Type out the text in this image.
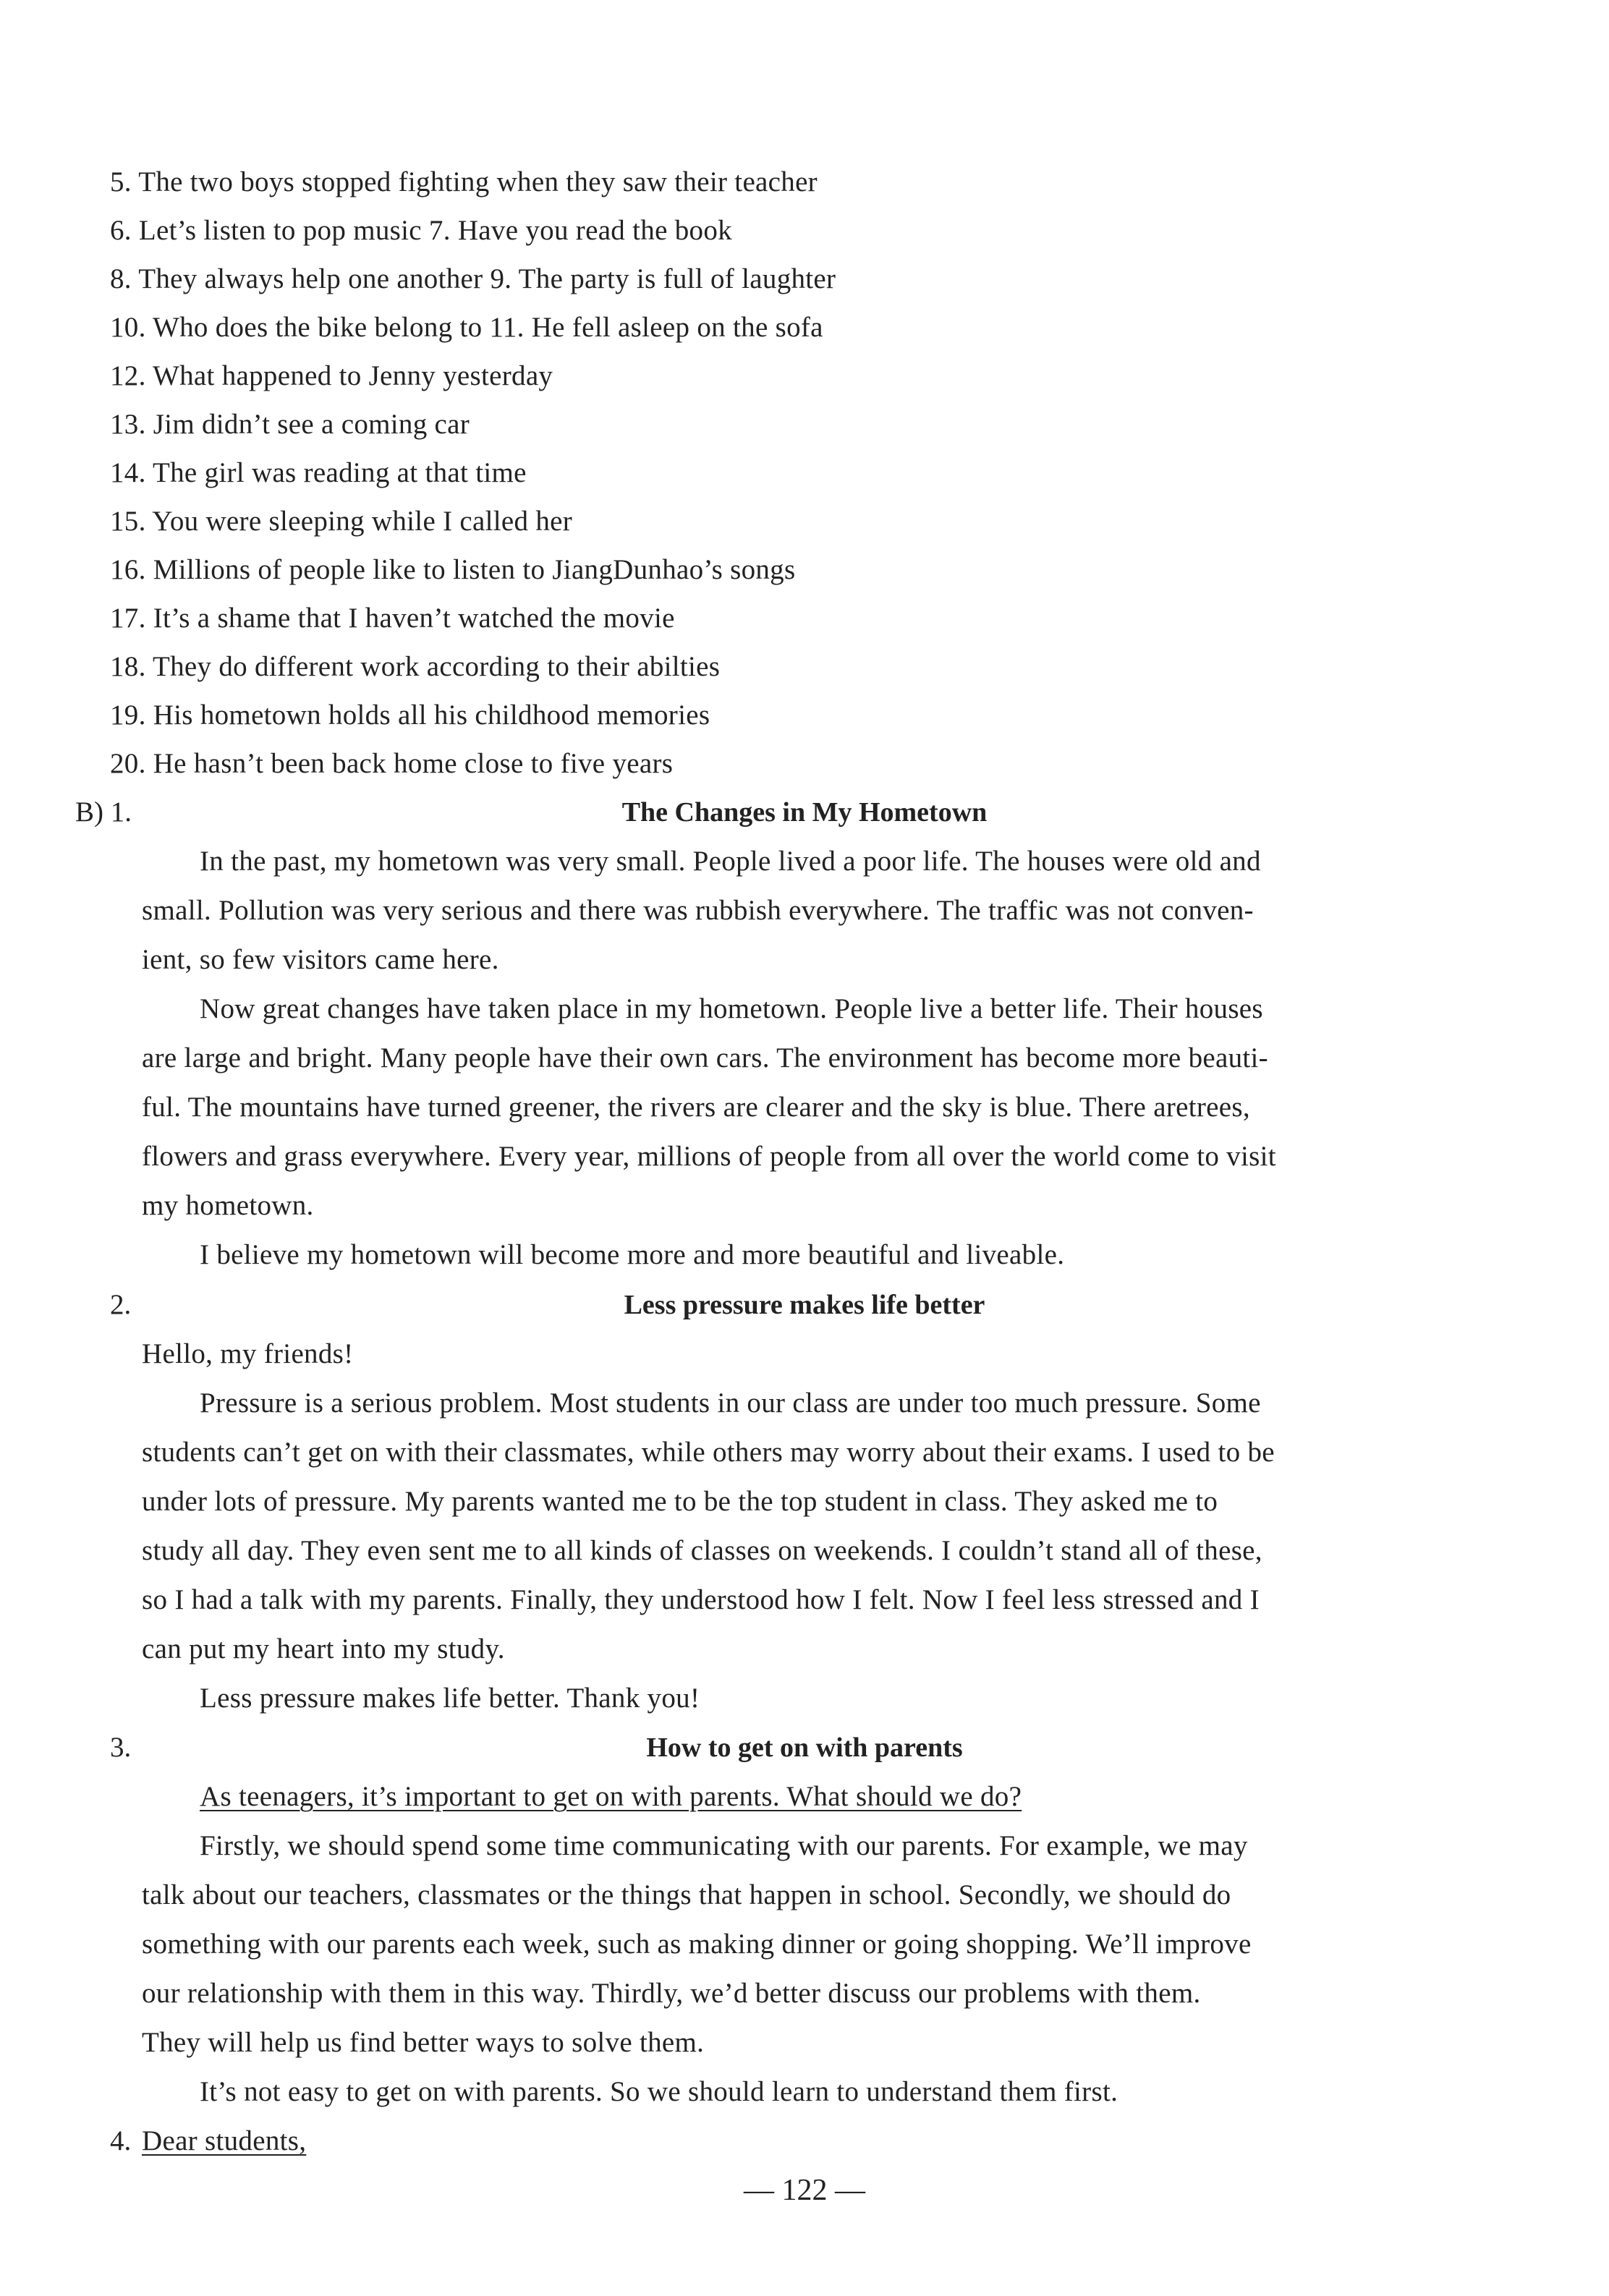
5. The two boys stopped fighting when they saw their teacher
6. Let’s listen to pop music 7. Have you read the book
8. They always help one another 9. The party is full of laughter
10. Who does the bike belong to 11. He fell asleep on the sofa
12. What happened to Jenny yesterday
13. Jim didn’t see a coming car
14. The girl was reading at that time
15. You were sleeping while I called her
16. Millions of people like to listen to JiangDunhao’s songs
17. It’s a shame that I haven’t watched the movie
18. They do different work according to their abilties
19. His hometown holds all his childhood memories
20. He hasn’t been back home close to five years
B) 1.	The Changes in My Hometown
In the past, my hometown was very small. People lived a poor life. The houses were old and
small. Pollution was very serious and there was rubbish everywhere. The traffic was not conven-
ient, so few visitors came here.
Now great changes have taken place in my hometown. People live a better life. Their houses
are large and bright. Many people have their own cars. The environment has become more beauti-
ful. The mountains have turned greener, the rivers are clearer and the sky is blue. There aretrees,
flowers and grass everywhere. Every year, millions of people from all over the world come to visit
my hometown.
I believe my hometown will become more and more beautiful and liveable.
2.	Less pressure makes life better
Hello, my friends!
Pressure is a serious problem. Most students in our class are under too much pressure. Some
students can’t get on with their classmates, while others may worry about their exams. I used to be
under lots of pressure. My parents wanted me to be the top student in class. They asked me to
study all day. They even sent me to all kinds of classes on weekends. I couldn’t stand all of these,
so I had a talk with my parents. Finally, they understood how I felt. Now I feel less stressed and I
can put my heart into my study.
Less pressure makes life better. Thank you!
3.	How to get on with parents
As teenagers, it’s important to get on with parents. What should we do?
Firstly, we should spend some time communicating with our parents. For example, we may
talk about our teachers, classmates or the things that happen in school. Secondly, we should do
something with our parents each week, such as making dinner or going shopping. We’ll improve
our relationship with them in this way. Thirdly, we’d better discuss our problems with them.
They will help us find better ways to solve them.
It’s not easy to get on with parents. So we should learn to understand them first.
4. Dear students,
— 122 —
